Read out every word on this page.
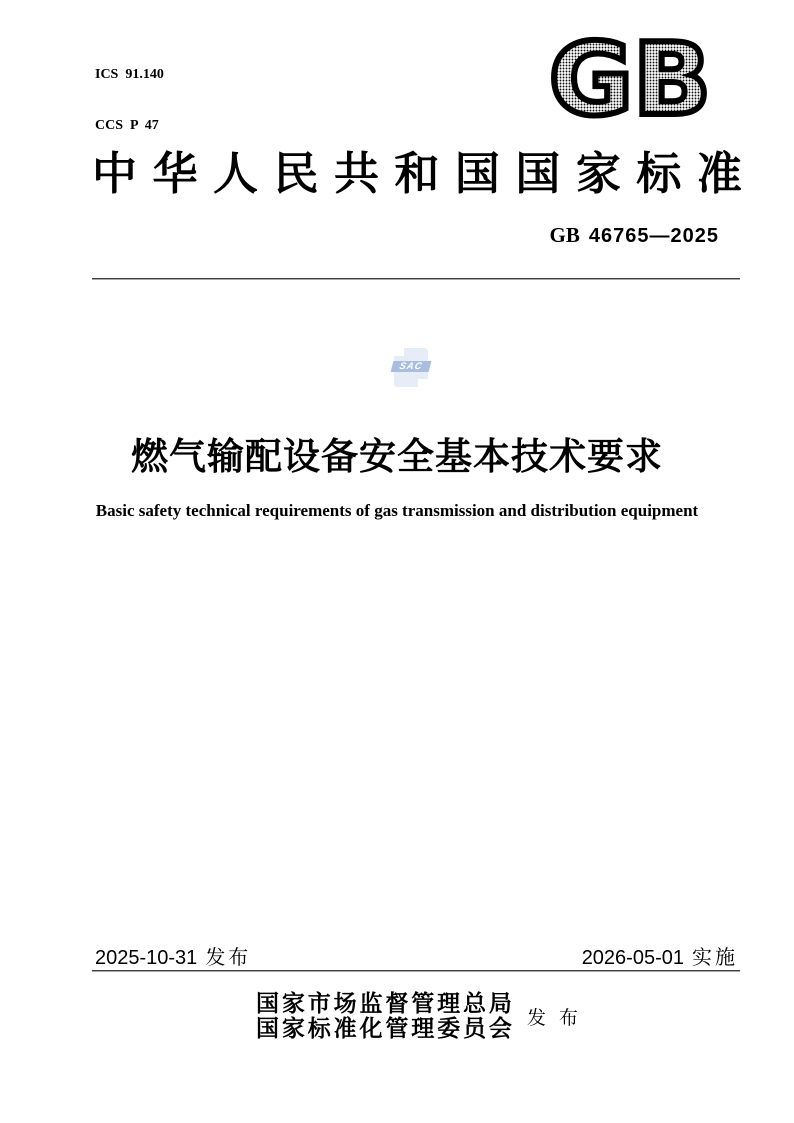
ICS  91.140

CCS  P  47

	GB
中 华 人 民 共 和 国 国 家 标 准
GB 46765—2025
SAC
燃气输配设备安全基本技术要求
Basic safety technical requirements of gas transmission and distribution equipment
2025-10-31 发布	2026-05-01 实施
国 家 市 场 监 督 管 理 总 局
国 家 标 准 化 管 理 委 员 会 发布
